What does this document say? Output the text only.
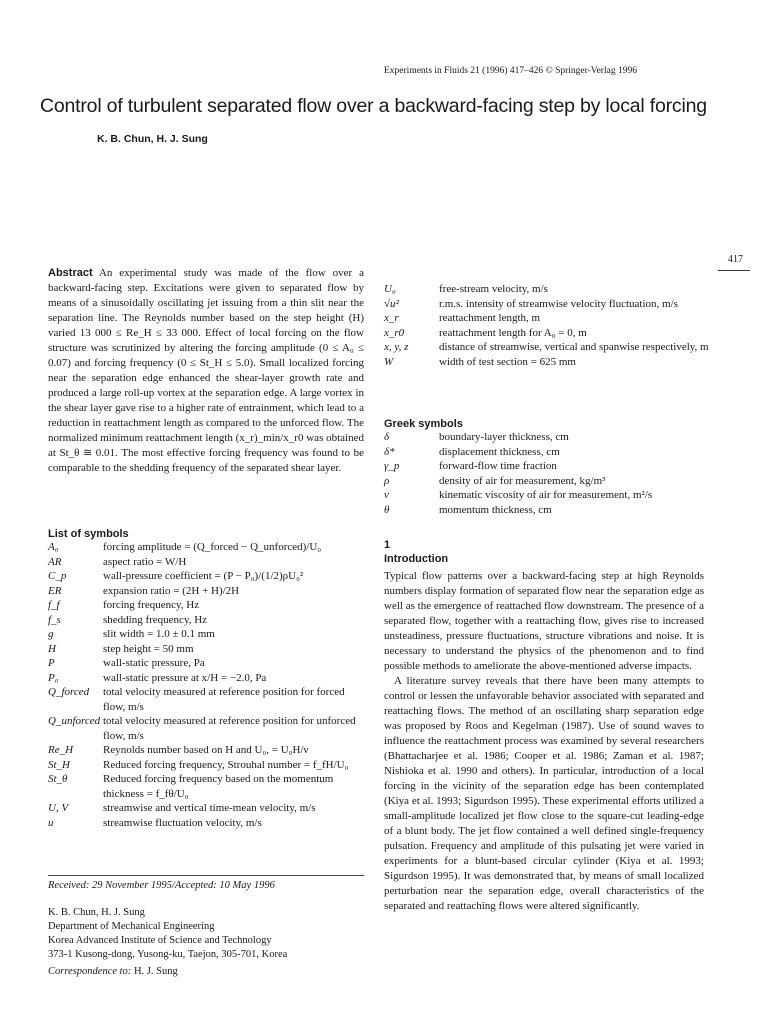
Experiments in Fluids 21 (1996) 417–426 © Springer-Verlag 1996
Control of turbulent separated flow over a backward-facing step by local forcing
K. B. Chun, H. J. Sung
417
Abstract An experimental study was made of the flow over a backward-facing step. Excitations were given to separated flow by means of a sinusoidally oscillating jet issuing from a thin slit near the separation line. The Reynolds number based on the step height (H) varied 13 000 ≤ Re_H ≤ 33 000. Effect of local forcing on the flow structure was scrutinized by altering the forcing amplitude (0 ≤ A₀ ≤ 0.07) and forcing frequency (0 ≤ St_H ≤ 5.0). Small localized forcing near the separation edge enhanced the shear-layer growth rate and produced a large roll-up vortex at the separation edge. A large vortex in the shear layer gave rise to a higher rate of entrainment, which lead to a reduction in reattachment length as compared to the unforced flow. The normalized minimum reattachment length (x_r)_min/x_r0 was obtained at St_θ ≅ 0.01. The most effective forcing frequency was found to be comparable to the shedding frequency of the separated shear layer.
List of symbols
A₀	forcing amplitude = (Q_forced − Q_unforced)/U₀
AR	aspect ratio = W/H
C_p	wall-pressure coefficient = (P − P₀)/(1/2)ρU₀²
ER	expansion ratio = (2H + H)/2H
f_f	forcing frequency, Hz
f_s	shedding frequency, Hz
g	slit width = 1.0 ± 0.1 mm
H	step height = 50 mm
P	wall-static pressure, Pa
P₀	wall-static pressure at x/H = −2.0, Pa
Q_forced	total velocity measured at reference position for forced flow, m/s
Q_unforced total velocity measured at reference position for unforced flow, m/s
Re_H	Reynolds number based on H and U₀, = U₀H/ν
St_H	Reduced forcing frequency, Strouhal number = f_fH/U₀
St_θ	Reduced forcing frequency based on the momentum thickness = f_fθ/U₀
U, V	streamwise and vertical time-mean velocity, m/s
u	streamwise fluctuation velocity, m/s
U₀	free-stream velocity, m/s
√u²	r.m.s. intensity of streamwise velocity fluctuation, m/s
x_r	reattachment length, m
x_r0	reattachment length for A₀ = 0, m
x, y, z	distance of streamwise, vertical and spanwise respectively, m
W	width of test section = 625 mm
Greek symbols
δ	boundary-layer thickness, cm
δ*	displacement thickness, cm
γ_p	forward-flow time fraction
ρ	density of air for measurement, kg/m³
ν	kinematic viscosity of air for measurement, m²/s
θ	momentum thickness, cm
1
Introduction

Typical flow patterns over a backward-facing step at high Reynolds numbers display formation of separated flow near the separation edge as well as the emergence of reattached flow downstream. The presence of a separated flow, together with a reattaching flow, gives rise to increased unsteadiness, pressure fluctuations, structure vibrations and noise. It is necessary to understand the physics of the phenomenon and to find possible methods to ameliorate the above-mentioned adverse impacts.

A literature survey reveals that there have been many attempts to control or lessen the unfavorable behavior associated with separated and reattaching flows. The method of an oscillating sharp separation edge was proposed by Roos and Kegelman (1987). Use of sound waves to influence the reattachment process was examined by several researchers (Bhattacharjee et al. 1986; Cooper et al. 1986; Zaman et al. 1987; Nishioka et al. 1990 and others). In particular, introduction of a local forcing in the vicinity of the separation edge has been contemplated (Kiya et al. 1993; Sigurdson 1995). These experimental efforts utilized a small-amplitude localized jet flow close to the square-cut leading-edge of a blunt body. The jet flow contained a well defined single-frequency pulsation. Frequency and amplitude of this pulsating jet were varied in experiments for a blunt-based circular cylinder (Kiya et al. 1993; Sigurdson 1995). It was demonstrated that, by means of small localized perturbation near the separation edge, overall characteristics of the separated and reattaching flows were altered significantly.

Received: 29 November 1995/Accepted: 10 May 1996
K. B. Chun, H. J. Sung
Department of Mechanical Engineering
Korea Advanced Institute of Science and Technology
373-1 Kusong-dong, Yusong-ku, Taejon, 305-701, Korea
Correspondence to: H. J. Sung
